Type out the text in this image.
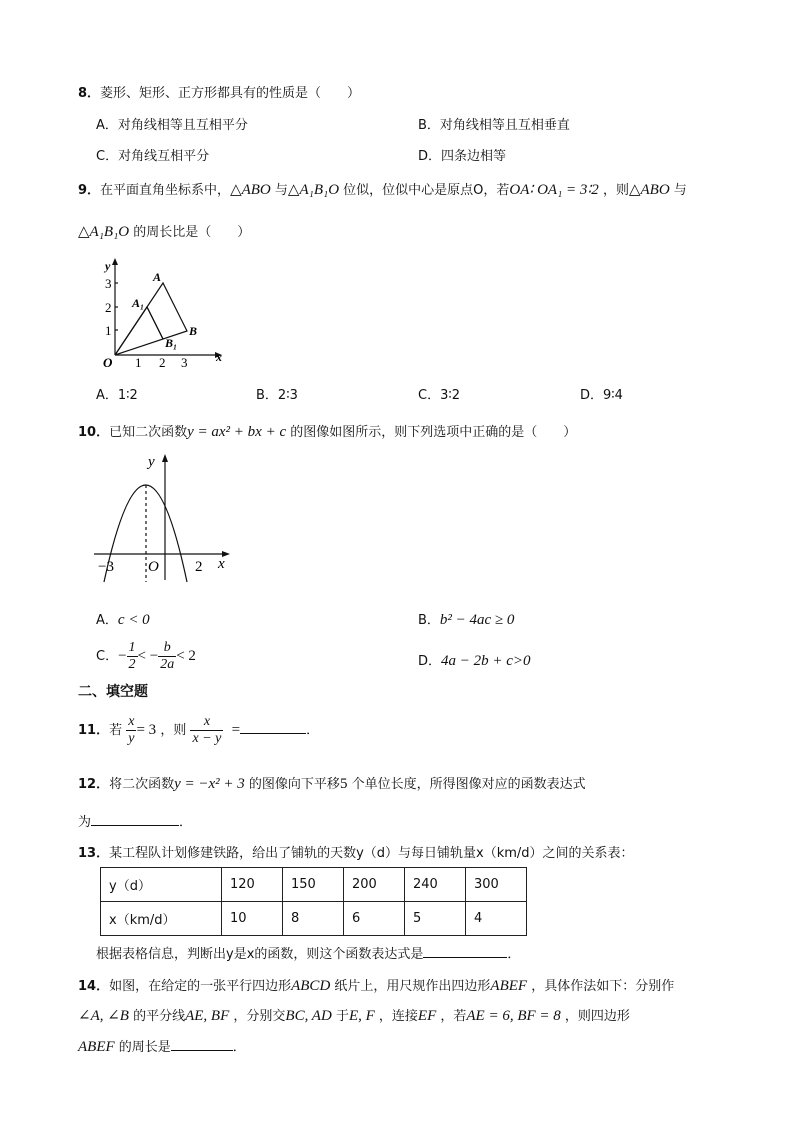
8．菱形、矩形、正方形都具有的性质是（　　）
A．对角线相等且互相平分	B．对角线相等且互相垂直
C．对角线互相平分	D．四条边相等
9．在平面直角坐标系中，△ABO 与△A₁B₁O 位似，位似中心是原点O，若OA∶ OA₁ = 3∶2 ，则△ABO 与
△A₁B₁O 的周长比是（　　）
y
x
O
1
2
3
1 2 3
A
A₁
B
B₁
A．1∶2	B．2∶3	C．3∶2	D．9∶4
10．已知二次函数y = ax² + bx + c 的图像如图所示，则下列选项中正确的是（　　）
y
x
O
−3	2
A．c < 0	B．b² − 4ac ≥ 0
C．− $\frac{1}{2}$ < − $\frac{b}{2a} < 2$	D．4a − 2b + c>0
二、填空题
11．若 $\frac{x}{y} = 3$ ，则 $\frac{x}{x - y}$ =	．
12．将二次函数y = −x² + 3 的图像向下平移5 个单位长度，所得图像对应的函数表达式
为	．
13．某工程队计划修建铁路，给出了铺轨的天数y（d）与每日铺轨量x（km/d）之间的关系表：
y（d）	120	150	200	240	300
x（km/d）	10	8	6	5	4
根据表格信息，判断出y是x的函数，则这个函数表达式是	．
14．如图，在给定的一张平行四边形ABCD 纸片上，用尺规作出四边形ABEF ，具体作法如下：分别作
∠A, ∠B 的平分线AE, BF ，分别交BC, AD 于E, F ，连接EF ，若AE = 6, BF = 8 ，则四边形
ABEF 的周长是	．
